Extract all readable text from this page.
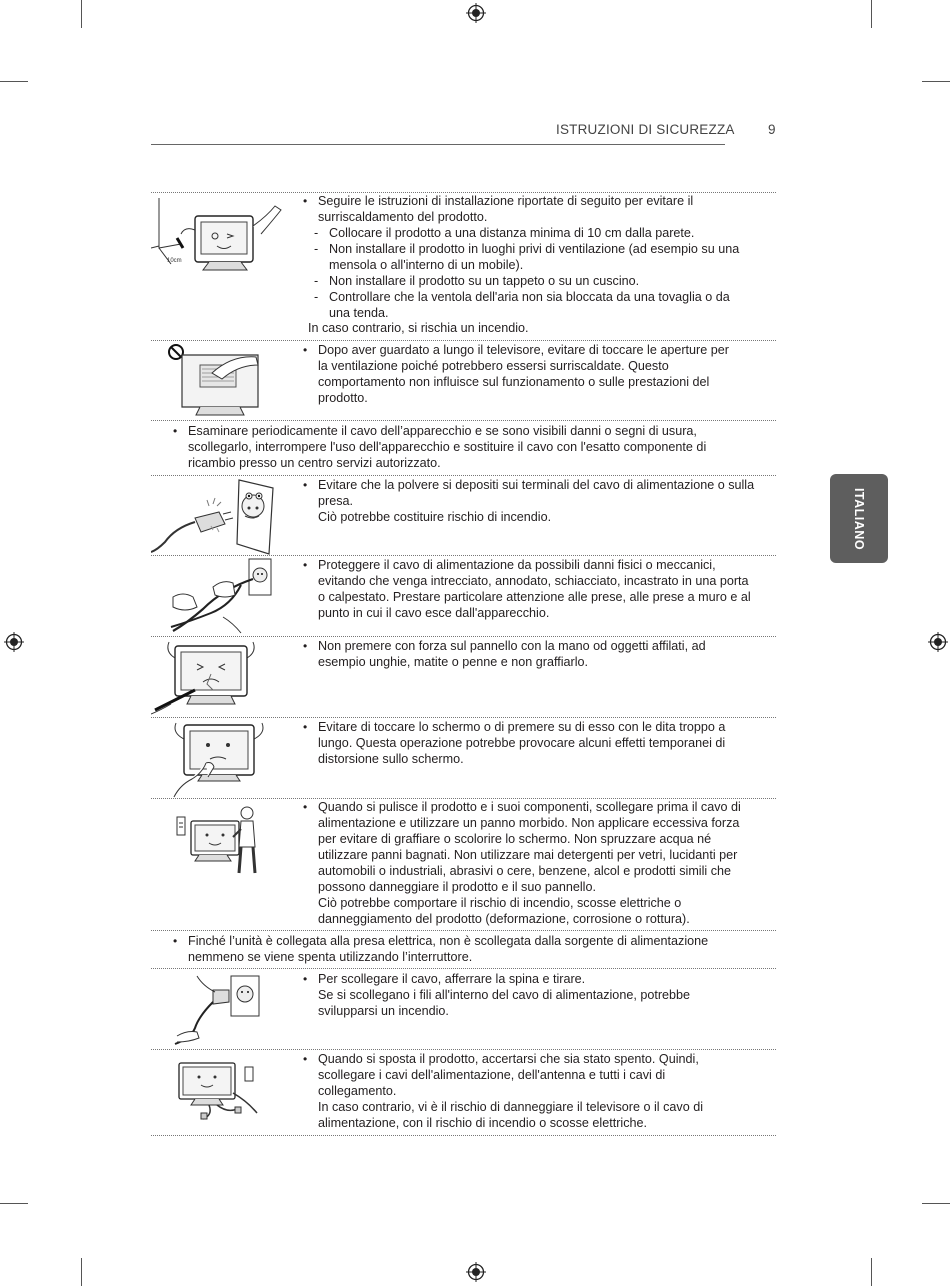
ISTRUZIONI DI SICUREZZA 9
ITALIANO
10cm
• Seguire le istruzioni di installazione riportate di seguito per evitare il surriscaldamento del prodotto.
- Collocare il prodotto a una distanza minima di 10 cm dalla parete.
- Non installare il prodotto in luoghi privi di ventilazione (ad esempio su una mensola o all'interno di un mobile).
- Non installare il prodotto su un tappeto o su un cuscino.
- Controllare che la ventola dell'aria non sia bloccata da una tovaglia o da una tenda.
In caso contrario, si rischia un incendio.
• Dopo aver guardato a lungo il televisore, evitare di toccare le aperture per la ventilazione poiché potrebbero essersi surriscaldate. Questo comportamento non influisce sul funzionamento o sulle prestazioni del prodotto.
• Esaminare periodicamente il cavo dell’apparecchio e se sono visibili danni o segni di usura, scollegarlo, interrompere l'uso dell'apparecchio e sostituire il cavo con l'esatto componente di ricambio presso un centro servizi autorizzato.
• Evitare che la polvere si depositi sui terminali del cavo di alimentazione o sulla presa.
Ciò potrebbe costituire rischio di incendio.
• Proteggere il cavo di alimentazione da possibili danni fisici o meccanici, evitando che venga intrecciato, annodato, schiacciato, incastrato in una porta o calpestato. Prestare particolare attenzione alle prese, alle prese a muro e al punto in cui il cavo esce dall'apparecchio.
• Non premere con forza sul pannello con la mano od oggetti affilati, ad esempio unghie, matite o penne e non graffiarlo.
• Evitare di toccare lo schermo o di premere su di esso con le dita troppo a lungo. Questa operazione potrebbe provocare alcuni effetti temporanei di distorsione sullo schermo.
• Quando si pulisce il prodotto e i suoi componenti, scollegare prima il cavo di alimentazione e utilizzare un panno morbido. Non applicare eccessiva forza per evitare di graffiare o scolorire lo schermo. Non spruzzare acqua né utilizzare panni bagnati. Non utilizzare mai detergenti per vetri, lucidanti per automobili o industriali, abrasivi o cere, benzene, alcol e prodotti simili che possono danneggiare il prodotto e il suo pannello.
Ciò potrebbe comportare il rischio di incendio, scosse elettriche o danneggiamento del prodotto (deformazione, corrosione o rottura).
• Finché l’unità è collegata alla presa elettrica, non è scollegata dalla sorgente di alimentazione nemmeno se viene spenta utilizzando l’interruttore.
• Per scollegare il cavo, afferrare la spina e tirare.
Se si scollegano i fili all'interno del cavo di alimentazione, potrebbe svilupparsi un incendio.
• Quando si sposta il prodotto, accertarsi che sia stato spento. Quindi, scollegare i cavi dell'alimentazione, dell'antenna e tutti i cavi di collegamento.
In caso contrario, vi è il rischio di danneggiare il televisore o il cavo di alimentazione, con il rischio di incendio o scosse elettriche.
